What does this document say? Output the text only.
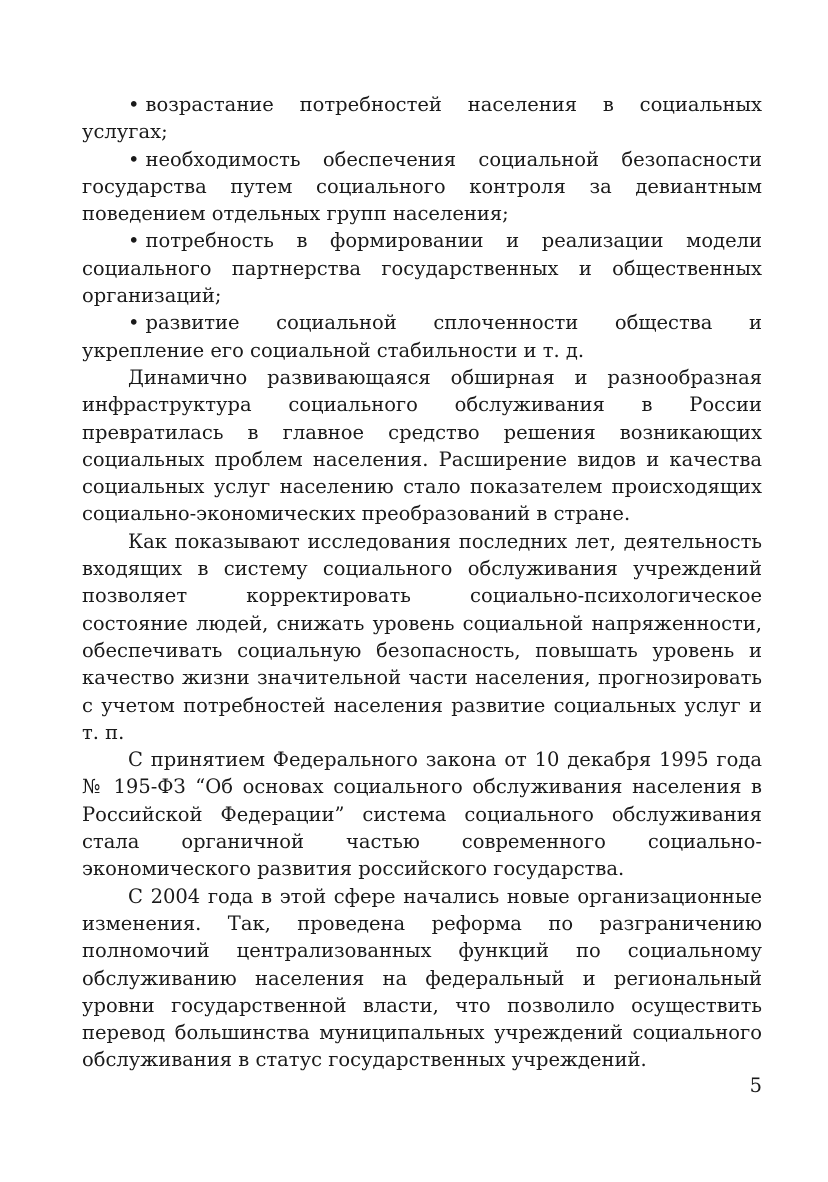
• возрастание потребностей населения в социальных услугах;

• необходимость обеспечения социальной безопасности государства путем социального контроля за девиантным поведением отдельных групп населения;

• потребность в формировании и реализации модели социального партнерства государственных и общественных организаций;

• развитие социальной сплоченности общества и укрепление его социальной стабильности и т. д.

Динамично развивающаяся обширная и разнообразная инфраструктура социального обслуживания в России превратилась в главное средство решения возникающих социальных проблем населения. Расширение видов и качества социальных услуг населению стало показателем происходящих социально-экономических преобразований в стране.

Как показывают исследования последних лет, деятельность входящих в систему социального обслуживания учреждений позволяет корректировать социально-психологическое состояние людей, снижать уровень социальной напряженности, обеспечивать социальную безопасность, повышать уровень и качество жизни значительной части населения, прогнозировать с учетом потребностей населения развитие социальных услуг и т. п.

С принятием Федерального закона от 10 декабря 1995 года № 195-ФЗ “Об основах социального обслуживания населения в Российской Федерации” система социального обслуживания стала органичной частью современного социально-экономического развития российского государства.

С 2004 года в этой сфере начались новые организационные изменения. Так, проведена реформа по разграничению полномочий централизованных функций по социальному обслуживанию населения на федеральный и региональный уровни государственной власти, что позволило осуществить перевод большинства муниципальных учреждений социального обслуживания в статус государственных учреждений.

5
